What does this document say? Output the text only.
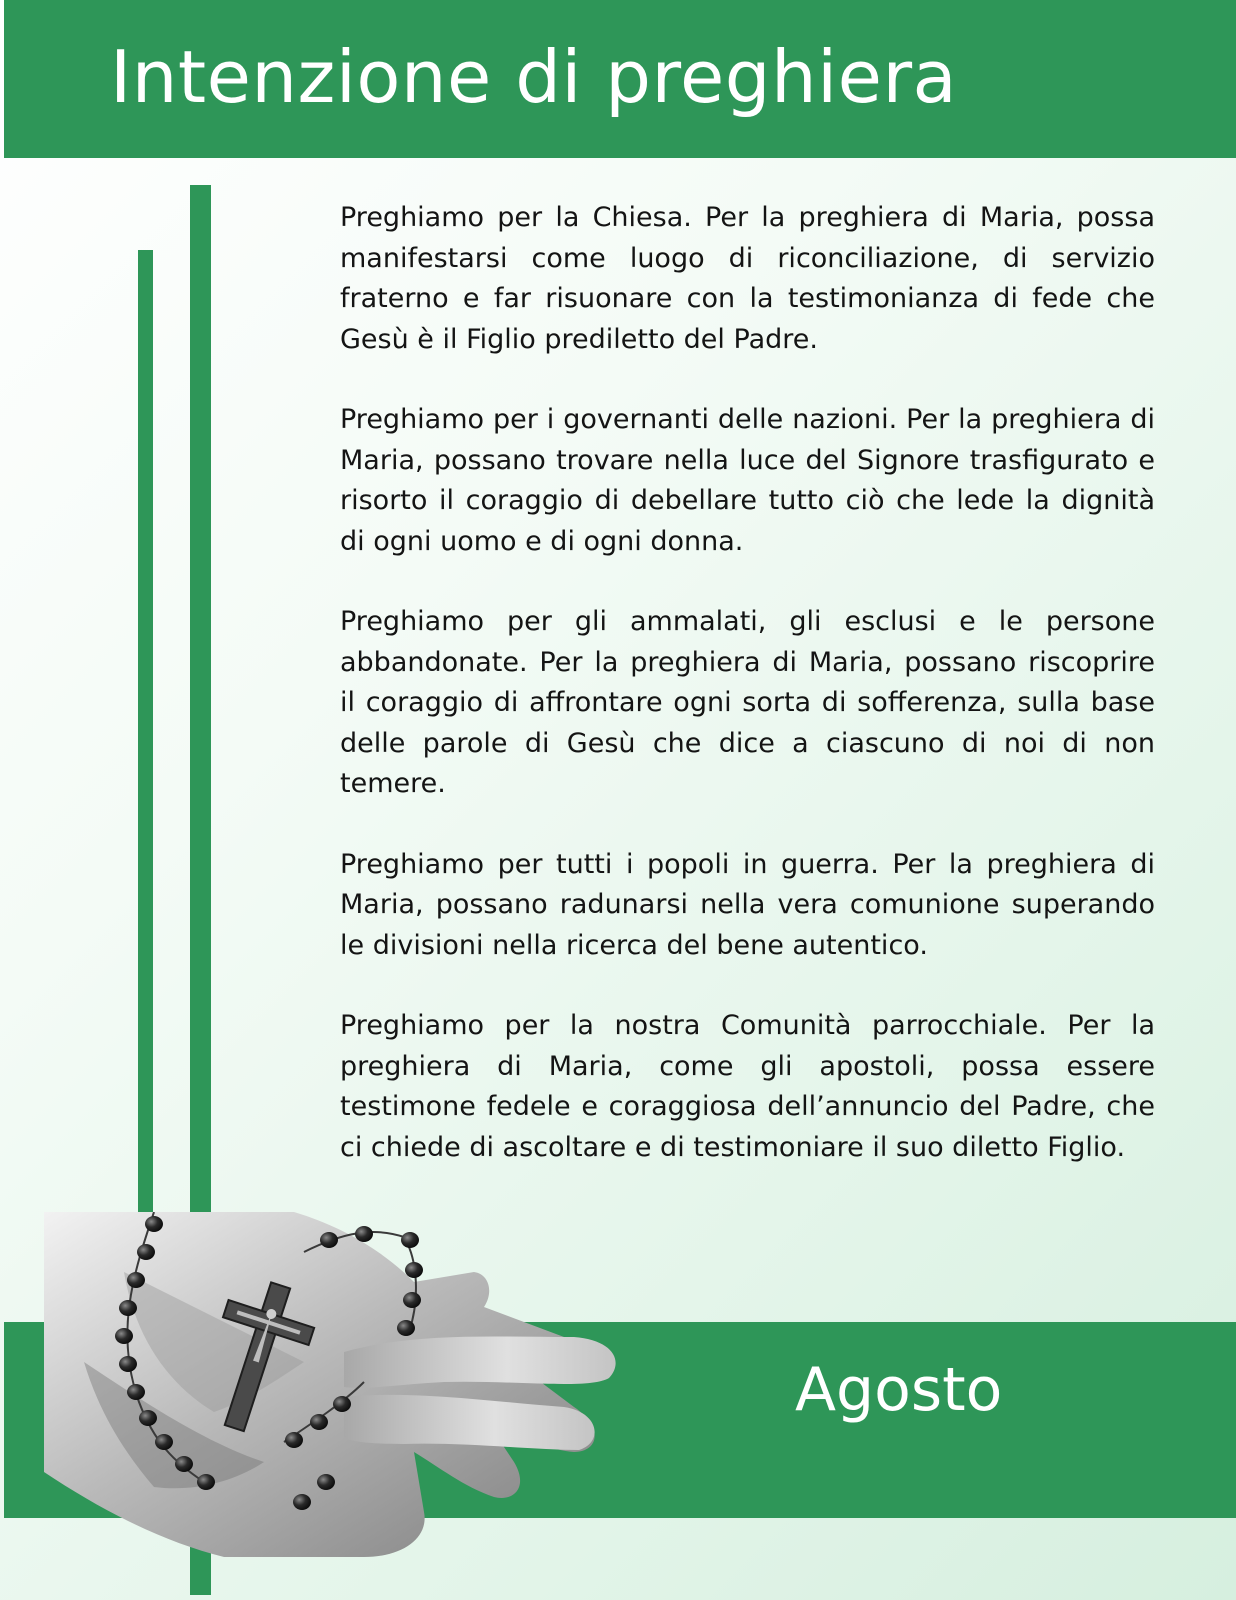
Intenzione di preghiera

Preghiamo per la Chiesa. Per la preghiera di Maria, possa manifestarsi come luogo di riconciliazione, di servizio fraterno e far risuonare con la testimonianza di fede che Gesù è il Figlio prediletto del Padre.

Preghiamo per i governanti delle nazioni. Per la preghiera di Maria, possano trovare nella luce del Signore trasfigurato e risorto il coraggio di debellare tutto ciò che lede la dignità di ogni uomo e di ogni donna.

Preghiamo per gli ammalati, gli esclusi e le persone abbandonate. Per la preghiera di Maria, possano riscoprire il coraggio di affrontare ogni sorta di sofferenza, sulla base delle parole di Gesù che dice a ciascuno di noi di non temere.

Preghiamo per tutti i popoli in guerra. Per la preghiera di Maria, possano radunarsi nella vera comunione superando le divisioni nella ricerca del bene autentico.

Preghiamo per la nostra Comunità parrocchiale. Per la preghiera di Maria, come gli apostoli, possa essere testimone fedele e coraggiosa dell’annuncio del Padre, che ci chiede di ascoltare e di testimoniare il suo diletto Figlio.

Agosto
